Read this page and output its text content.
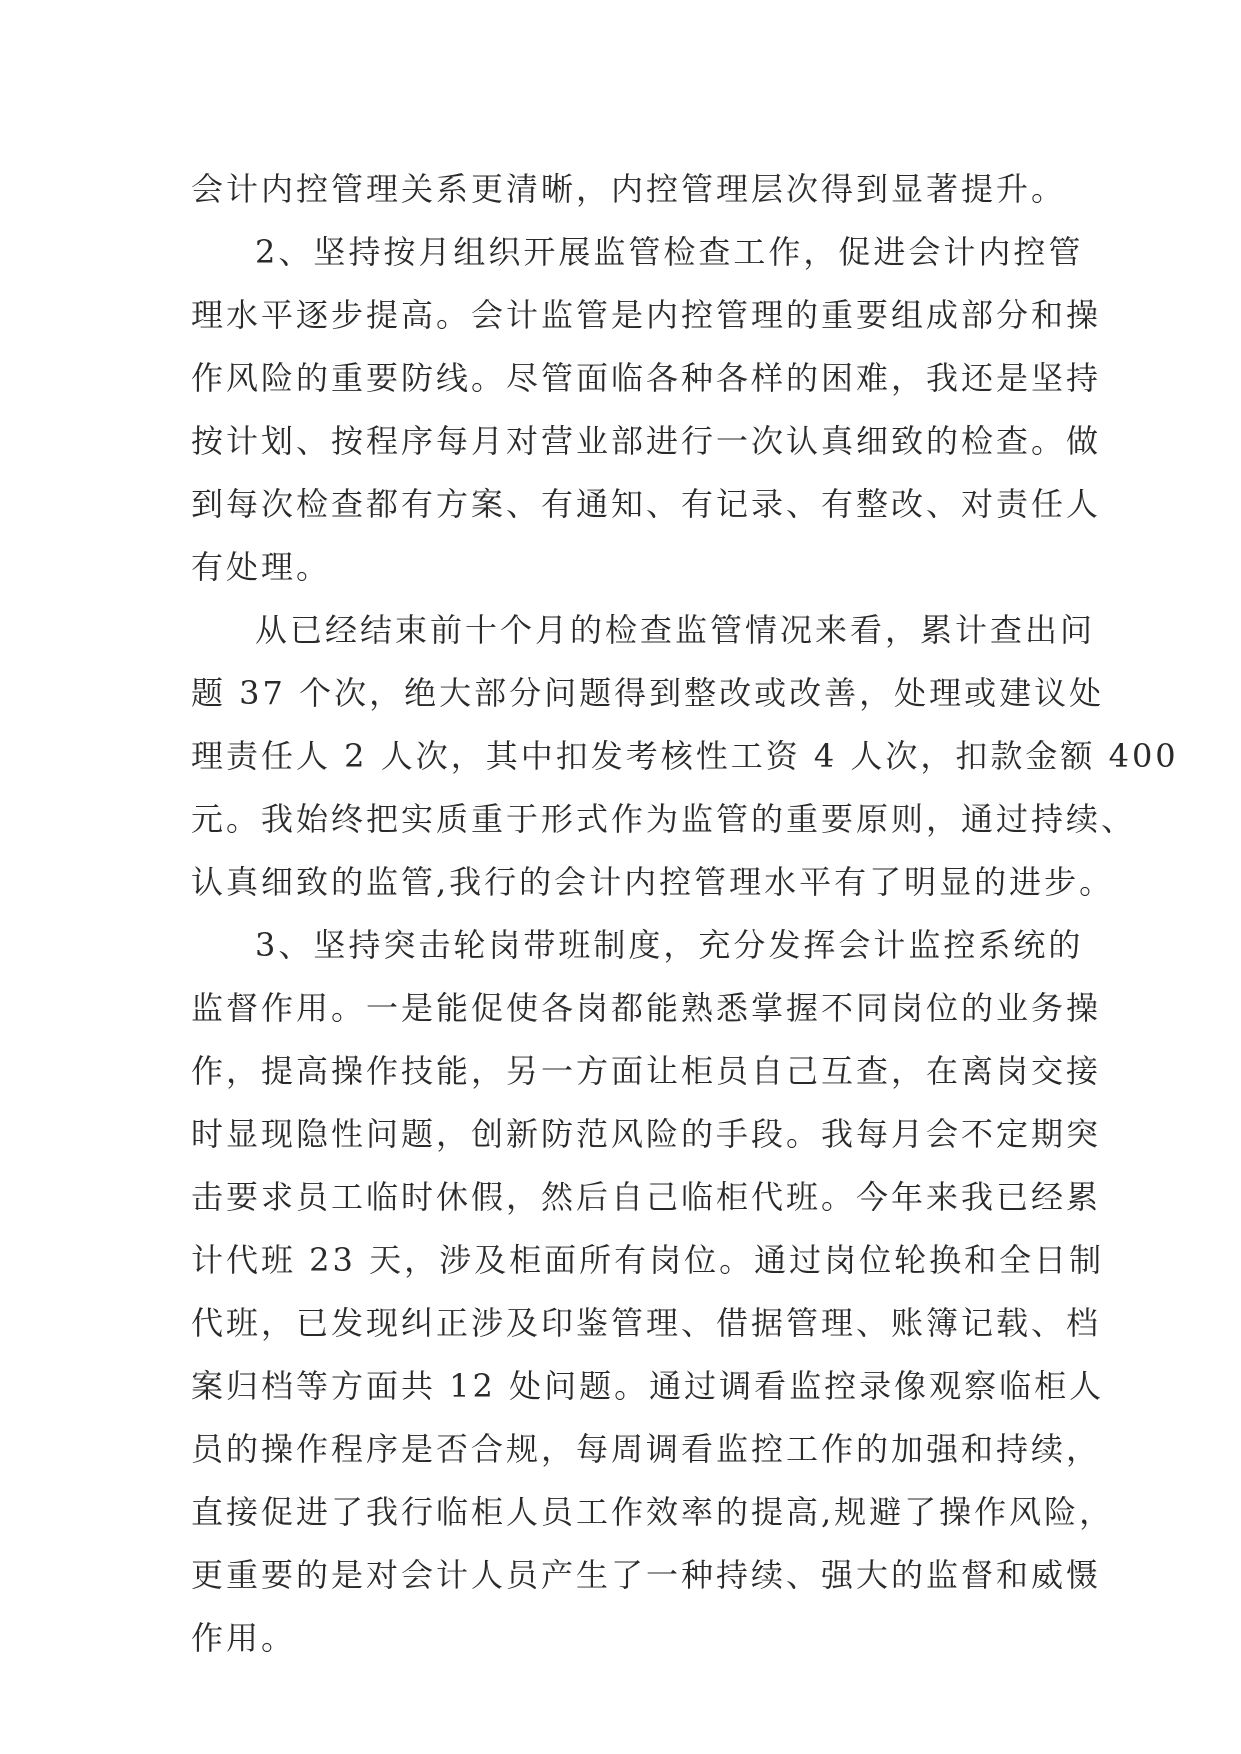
会计内控管理关系更清晰，内控管理层次得到显著提升。
2、坚持按月组织开展监管检查工作，促进会计内控管
理水平逐步提高。会计监管是内控管理的重要组成部分和操
作风险的重要防线。尽管面临各种各样的困难，我还是坚持
按计划、按程序每月对营业部进行一次认真细致的检查。做
到每次检查都有方案、有通知、有记录、有整改、对责任人
有处理。
从已经结束前十个月的检查监管情况来看，累计查出问
题 37 个次，绝大部分问题得到整改或改善，处理或建议处
理责任人 2 人次，其中扣发考核性工资 4 人次，扣款金额 400
元。我始终把实质重于形式作为监管的重要原则，通过持续、
认真细致的监管,我行的会计内控管理水平有了明显的进步。
3、坚持突击轮岗带班制度，充分发挥会计监控系统的
监督作用。一是能促使各岗都能熟悉掌握不同岗位的业务操
作，提高操作技能，另一方面让柜员自己互查，在离岗交接
时显现隐性问题，创新防范风险的手段。我每月会不定期突
击要求员工临时休假，然后自己临柜代班。今年来我已经累
计代班 23 天，涉及柜面所有岗位。通过岗位轮换和全日制
代班，已发现纠正涉及印鉴管理、借据管理、账簿记载、档
案归档等方面共 12 处问题。通过调看监控录像观察临柜人
员的操作程序是否合规，每周调看监控工作的加强和持续，
直接促进了我行临柜人员工作效率的提高,规避了操作风险，
更重要的是对会计人员产生了一种持续、强大的监督和威慑
作用。
